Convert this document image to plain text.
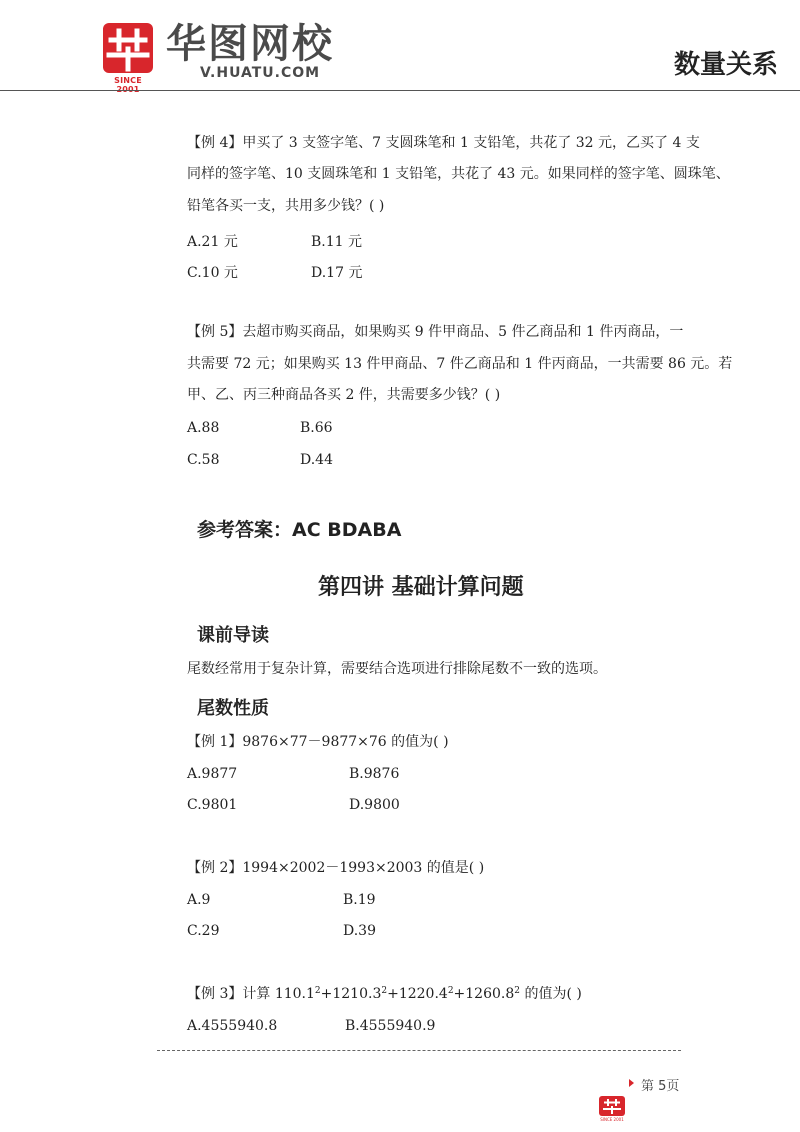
SINCE
华图网校
V.HUATU.COM	数量关系
【例 4】甲买了 3 支签字笔、7 支圆珠笔和 1 支铅笔，共花了 32 元，乙买了 4 支
同样的签字笔、10 支圆珠笔和 1 支铅笔，共花了 43 元。如果同样的签字笔、圆珠笔、
铅笔各买一支，共用多少钱？( )
A.21 元	B.11 元
C.10 元	D.17 元
【例 5】去超市购买商品，如果购买 9 件甲商品、5 件乙商品和 1 件丙商品，一
共需要 72 元；如果购买 13 件甲商品、7 件乙商品和 1 件丙商品，一共需要 86 元。若
甲、乙、丙三种商品各买 2 件，共需要多少钱？( )
A.88	B.66
C.58	D.44
参考答案：AC BDABA
第四讲 基础计算问题
课前导读
尾数经常用于复杂计算，需要结合选项进行排除尾数不一致的选项。
尾数性质
【例 1】9876×77－9877×76 的值为( )
A.9877	B.9876
C.9801	D.9800
【例 2】1994×2002－1993×2003 的值是( )
A.9	B.19
C.29	D.39
【例 3】计算 $110.1^2+1210.3^2+1220.4^2+1260.8^2$ 的值为( )
A.4555940.8	B.4555940.9
第 5页
SINCE 2001
